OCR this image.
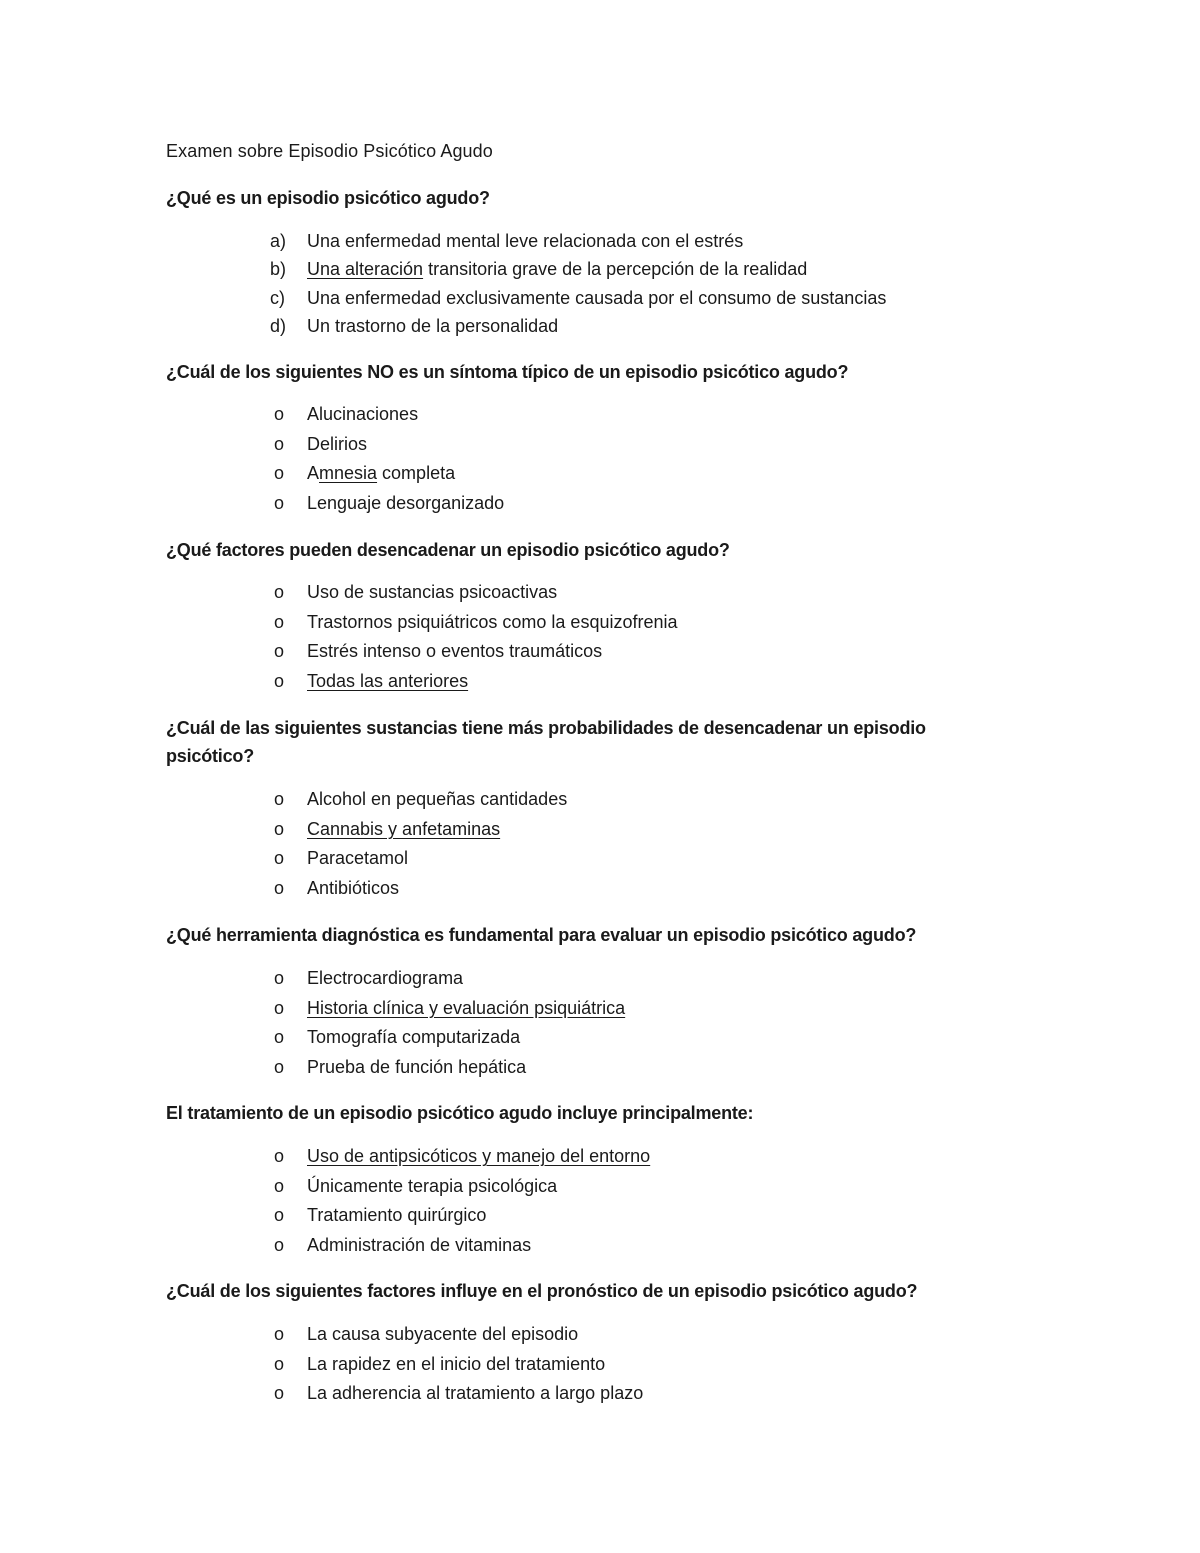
Examen sobre Episodio Psicótico Agudo
¿Qué es un episodio psicótico agudo?
a)	Una enfermedad mental leve relacionada con el estrés
b)	Una alteración transitoria grave de la percepción de la realidad
c)	Una enfermedad exclusivamente causada por el consumo de sustancias
d)	Un trastorno de la personalidad
¿Cuál de los siguientes NO es un síntoma típico de un episodio psicótico agudo?
o Alucinaciones
o Delirios
o Amnesia completa
o Lenguaje desorganizado
¿Qué factores pueden desencadenar un episodio psicótico agudo?
o Uso de sustancias psicoactivas
o Trastornos psiquiátricos como la esquizofrenia
o Estrés intenso o eventos traumáticos
o Todas las anteriores
¿Cuál de las siguientes sustancias tiene más probabilidades de desencadenar un episodio psicótico?
o Alcohol en pequeñas cantidades
o Cannabis y anfetaminas
o Paracetamol
o Antibióticos
¿Qué herramienta diagnóstica es fundamental para evaluar un episodio psicótico agudo?
o Electrocardiograma
o Historia clínica y evaluación psiquiátrica
o Tomografía computarizada
o Prueba de función hepática
El tratamiento de un episodio psicótico agudo incluye principalmente:
o Uso de antipsicóticos y manejo del entorno
o Únicamente terapia psicológica
o Tratamiento quirúrgico
o Administración de vitaminas
¿Cuál de los siguientes factores influye en el pronóstico de un episodio psicótico agudo?
o La causa subyacente del episodio
o La rapidez en el inicio del tratamiento
o La adherencia al tratamiento a largo plazo
